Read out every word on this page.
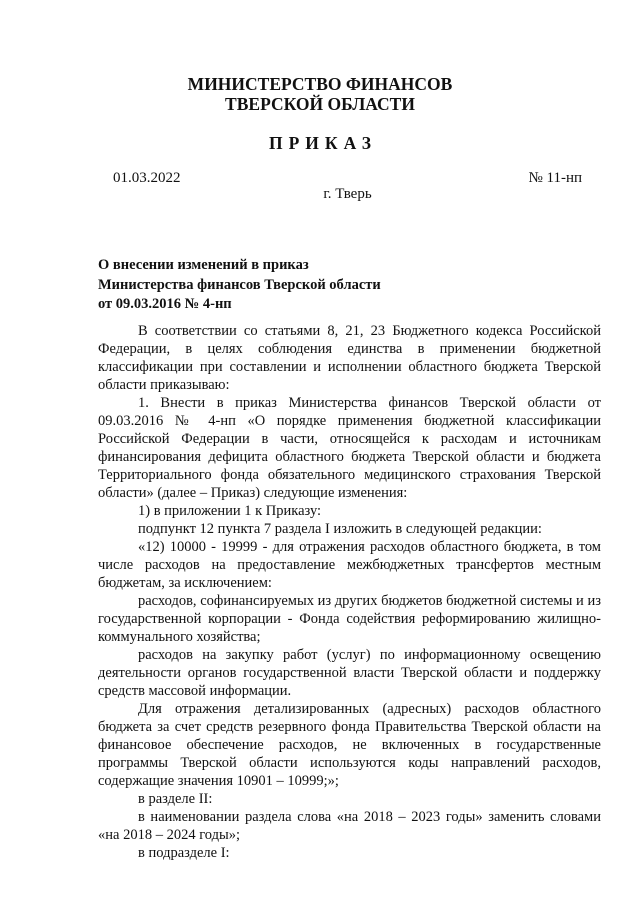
МИНИСТЕРСТВО ФИНАНСОВ
ТВЕРСКОЙ ОБЛАСТИ
ПРИКАЗ
01.03.2022	№ 11-нп
г. Тверь
О внесении изменений в приказ
Министерства финансов Тверской области
от 09.03.2016 № 4-нп

В соответствии со статьями 8, 21, 23 Бюджетного кодекса Российской Федерации, в целях соблюдения единства в применении бюджетной классификации при составлении и исполнении областного бюджета Тверской области приказываю:

1. Внести в приказ Министерства финансов Тверской области от 09.03.2016 № 4-нп «О порядке применения бюджетной классификации Российской Федерации в части, относящейся к расходам и источникам финансирования дефицита областного бюджета Тверской области и бюджета Территориального фонда обязательного медицинского страхования Тверской области» (далее – Приказ) следующие изменения:

1) в приложении 1 к Приказу:

подпункт 12 пункта 7 раздела I изложить в следующей редакции:

«12) 10000 - 19999 - для отражения расходов областного бюджета, в том числе расходов на предоставление межбюджетных трансфертов местным бюджетам, за исключением:

расходов, софинансируемых из других бюджетов бюджетной системы и из государственной корпорации - Фонда содействия реформированию жилищно-коммунального хозяйства;

расходов на закупку работ (услуг) по информационному освещению деятельности органов государственной власти Тверской области и поддержку средств массовой информации.

Для отражения детализированных (адресных) расходов областного бюджета за счет средств резервного фонда Правительства Тверской области на финансовое обеспечение расходов, не включенных в государственные программы Тверской области используются коды направлений расходов, содержащие значения 10901 – 10999;»;

в разделе II:

в наименовании раздела слова «на 2018 – 2023 годы» заменить словами «на 2018 – 2024 годы»;

в подразделе I:
